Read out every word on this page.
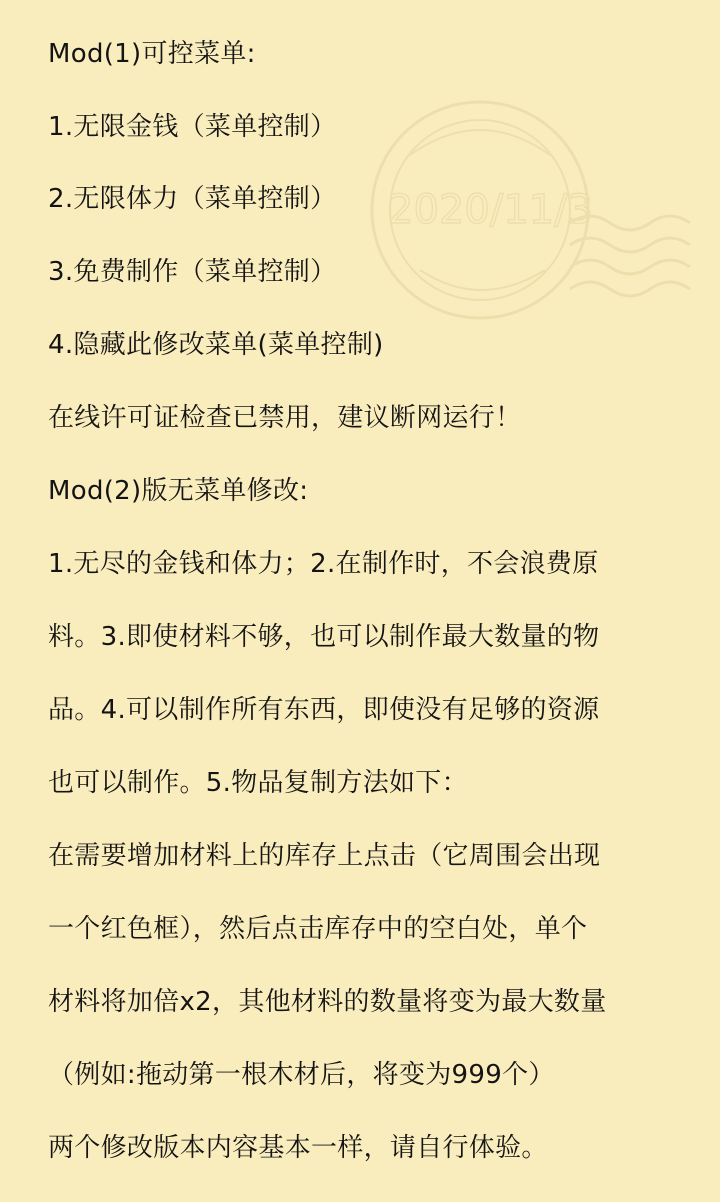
2020/11/3
Mod(1)可控菜单:
1.无限金钱（菜单控制）
2.无限体力（菜单控制）
3.免费制作（菜单控制）
4.隐藏此修改菜单(菜单控制)
在线许可证检查已禁用，建议断网运行！
Mod(2)版无菜单修改:
1.无尽的金钱和体力；2.在制作时，不会浪费原
料。3.即使材料不够，也可以制作最大数量的物
品。4.可以制作所有东西，即使没有足够的资源
也可以制作。5.物品复制方法如下：
在需要增加材料上的库存上点击（它周围会出现
一个红色框），然后点击库存中的空白处，单个
材料将加倍x2，其他材料的数量将变为最大数量
（例如:拖动第一根木材后，将变为999个）
两个修改版本内容基本一样，请自行体验。
